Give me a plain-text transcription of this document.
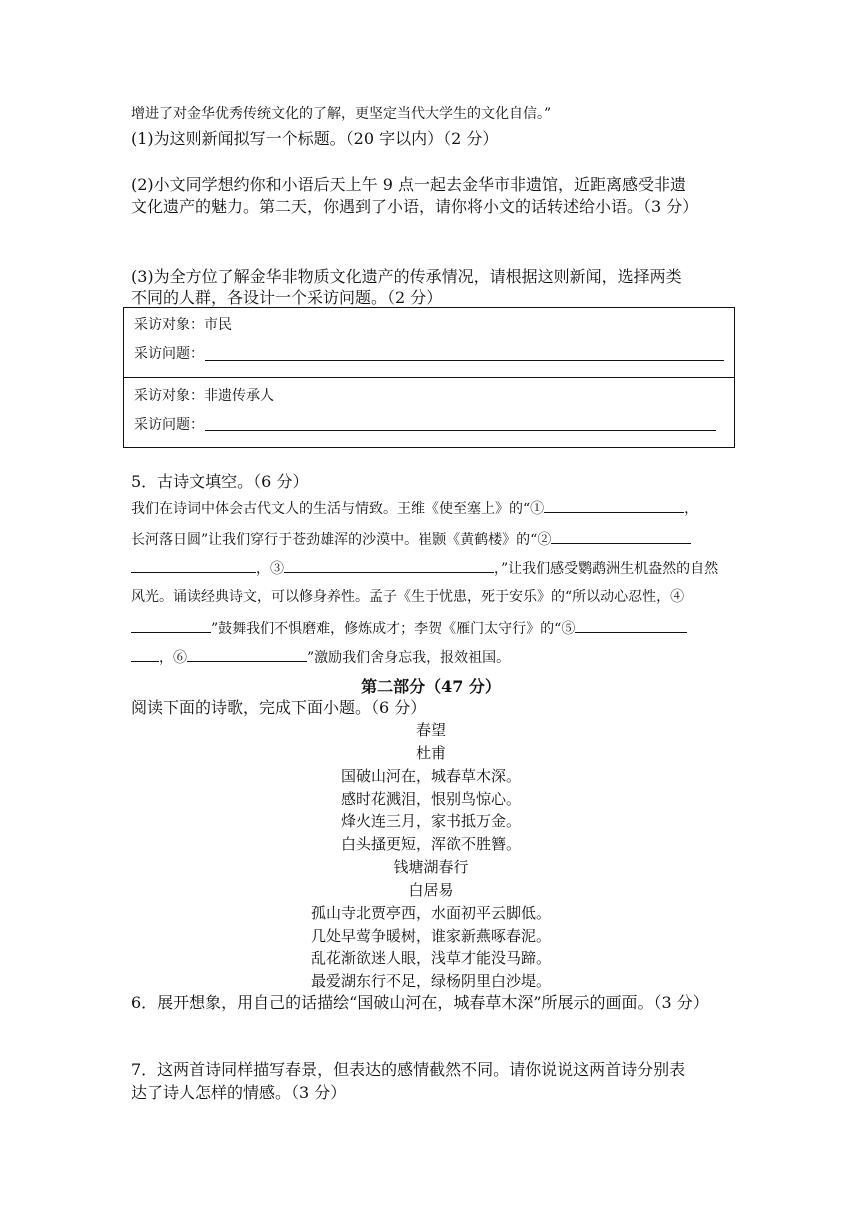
增进了对金华优秀传统文化的了解，更坚定当代大学生的文化自信。”
(1)为这则新闻拟写一个标题。（20 字以内）（2 分）
(2)小文同学想约你和小语后天上午 9 点一起去金华市非遗馆，近距离感受非遗
文化遗产的魅力。第二天，你遇到了小语，请你将小文的话转述给小语。（3 分）
(3)为全方位了解金华非物质文化遗产的传承情况，请根据这则新闻，选择两类
不同的人群，各设计一个采访问题。（2 分）
采访对象：市民
采访问题：
采访对象：非遗传承人
采访问题：
5．古诗文填空。（6 分）
我们在诗词中体会古代文人的生活与情致。王维《使至塞上》的“①	，
长河落日圆”让我们穿行于苍劲雄浑的沙漠中。崔颢《黄鹤楼》的“②
，③	，”让我们感受鹦鹉洲生机盎然的自然
风光。诵读经典诗文，可以修身养性。孟子《生于忧患，死于安乐》的“所以动心忍性，④
”鼓舞我们不惧磨难，修炼成才；李贺《雁门太守行》的“⑤
，⑥	”激励我们舍身忘我，报效祖国。
第二部分（47 分）
阅读下面的诗歌，完成下面小题。（6 分）
春望
杜甫
国破山河在，城春草木深。
感时花溅泪，恨别鸟惊心。
烽火连三月，家书抵万金。
白头搔更短，浑欲不胜簪。
钱塘湖春行
白居易
孤山寺北贾亭西，水面初平云脚低。
几处早莺争暖树，谁家新燕啄春泥。
乱花渐欲迷人眼，浅草才能没马蹄。
最爱湖东行不足，绿杨阴里白沙堤。
6．展开想象，用自己的话描绘“国破山河在，城春草木深”所展示的画面。（3 分）
7．这两首诗同样描写春景，但表达的感情截然不同。请你说说这两首诗分别表
达了诗人怎样的情感。（3 分）
